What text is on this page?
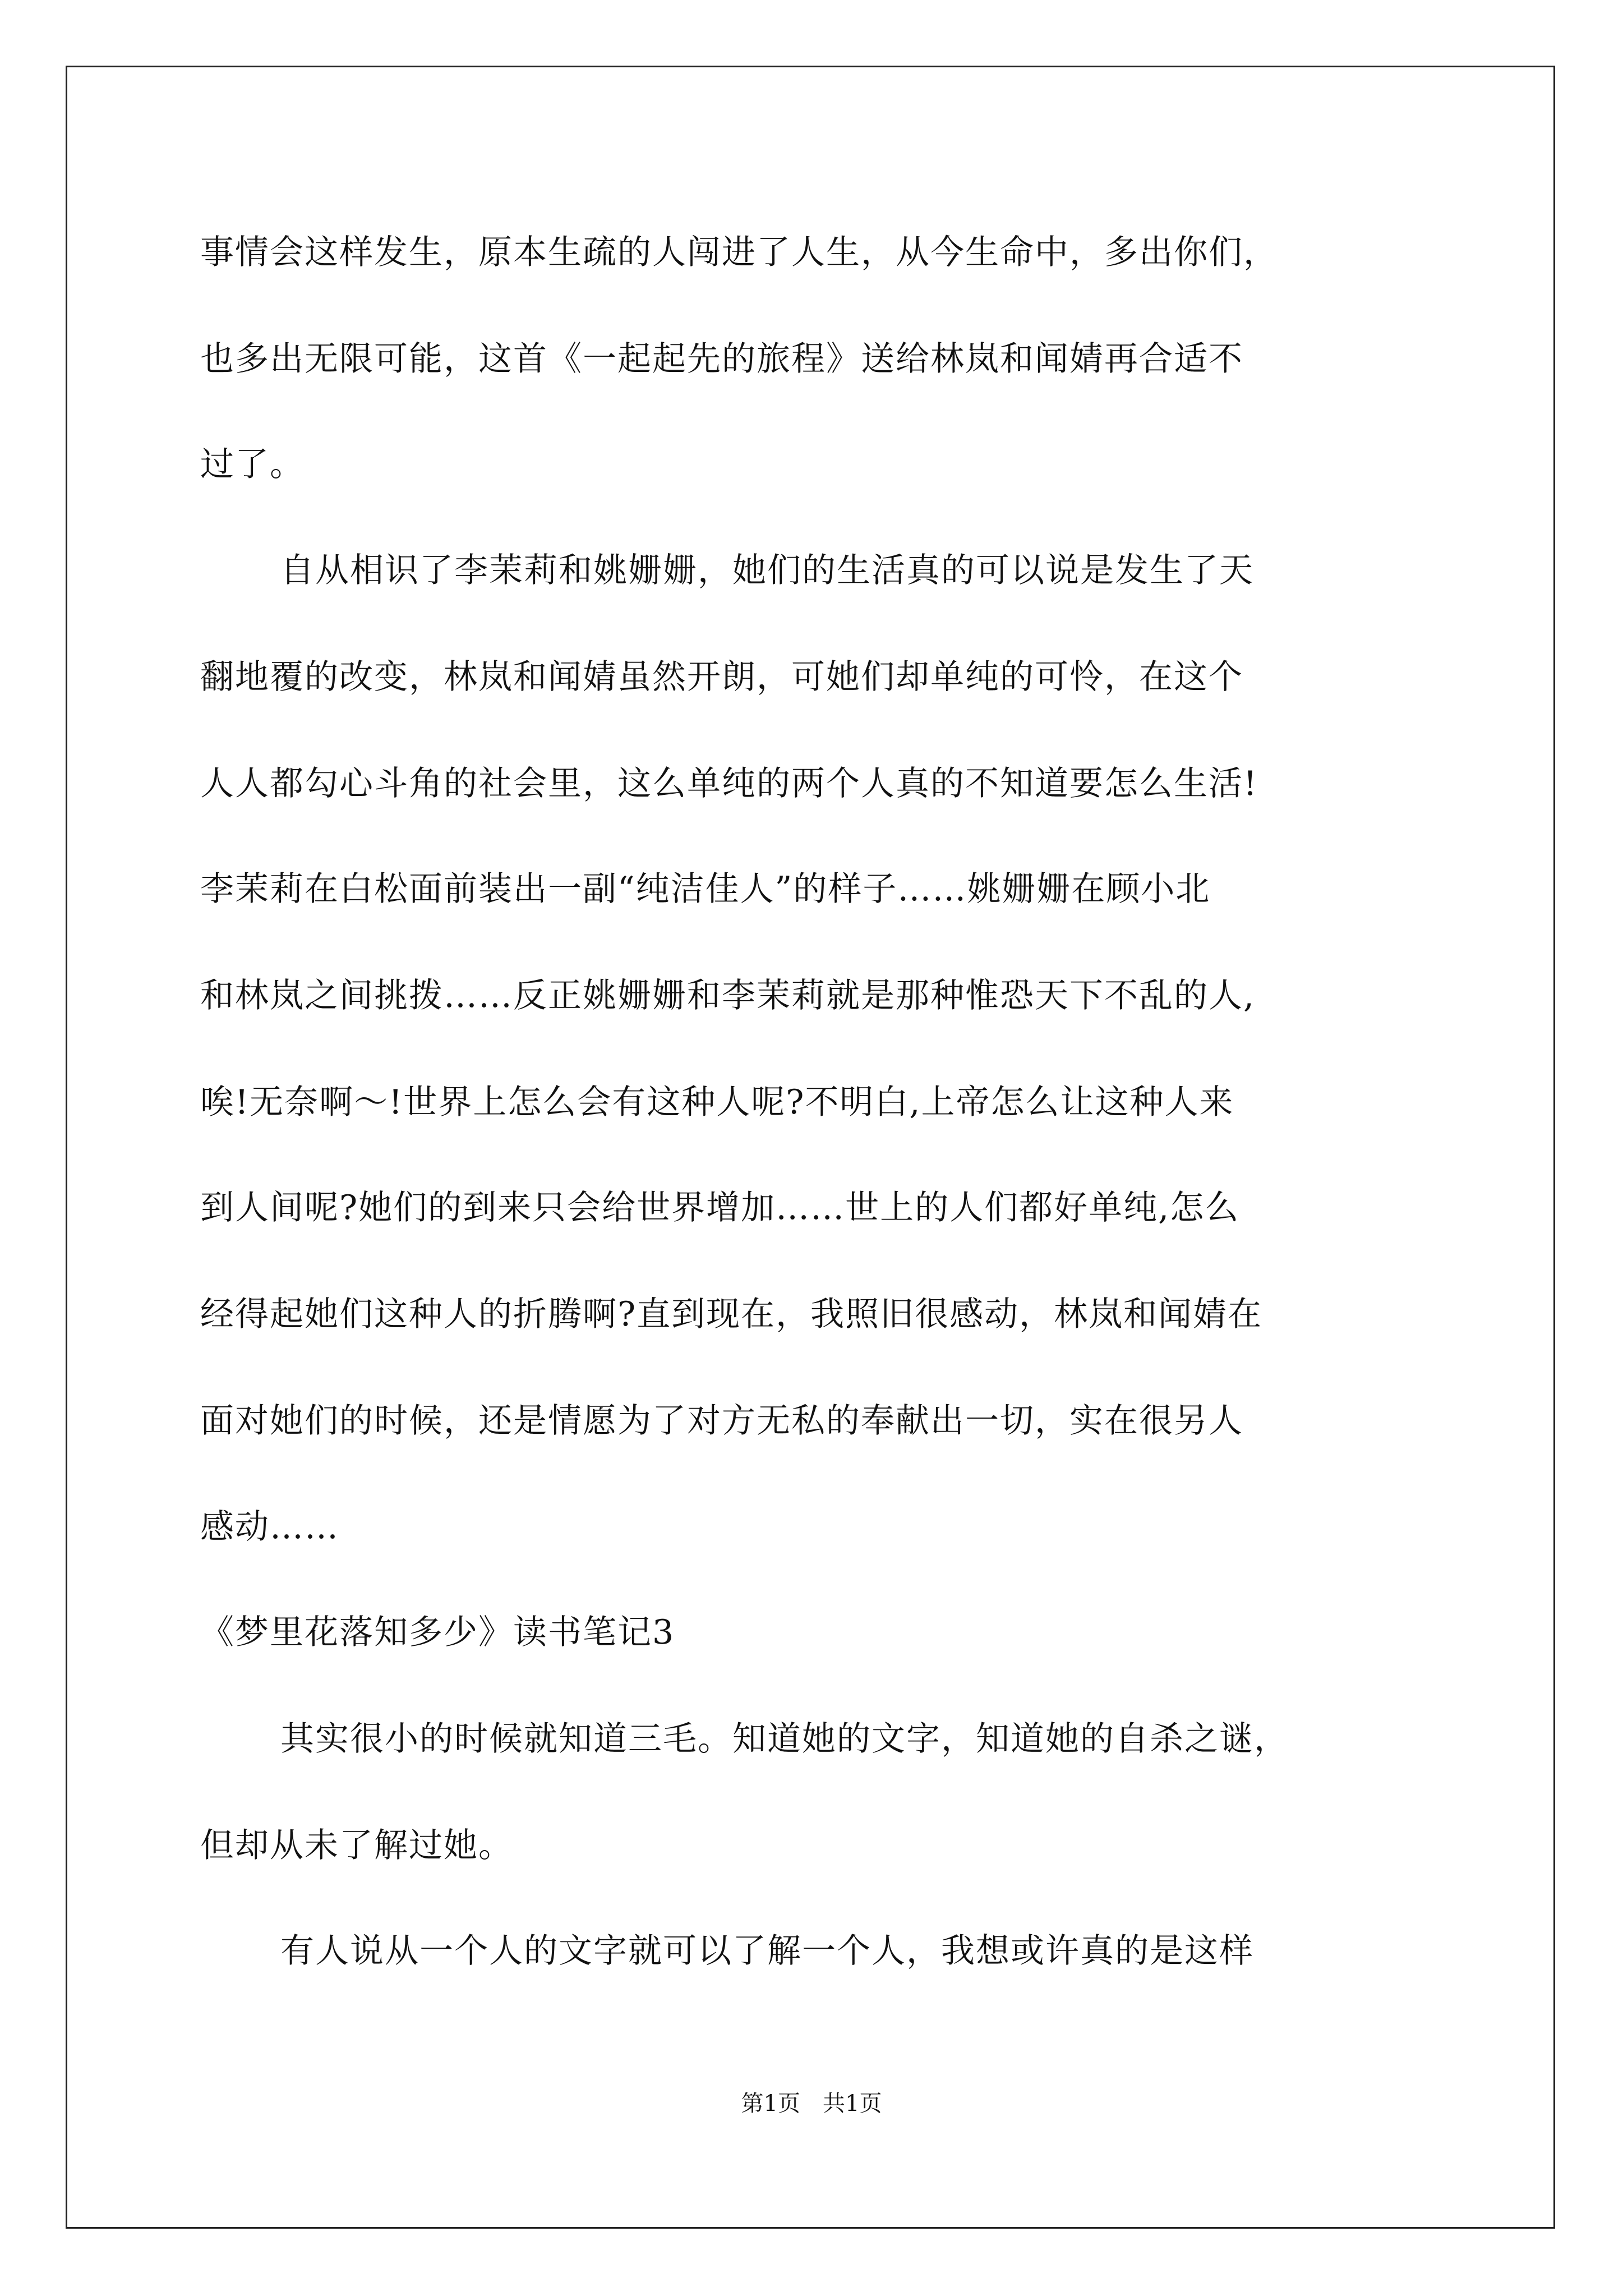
事情会这样发生，原本生疏的人闯进了人生，从今生命中，多出你们，
也多出无限可能，这首《一起起先的旅程》送给林岚和闻婧再合适不
过了。
自从相识了李茉莉和姚姗姗，她们的生活真的可以说是发生了天
翻地覆的改变，林岚和闻婧虽然开朗，可她们却单纯的可怜，在这个
人人都勾心斗角的社会里，这么单纯的两个人真的不知道要怎么生活!
李茉莉在白松面前装出一副“纯洁佳人”的样子……姚姗姗在顾小北
和林岚之间挑拨……反正姚姗姗和李茉莉就是那种惟恐天下不乱的人,
唉!无奈啊～!世界上怎么会有这种人呢?不明白,上帝怎么让这种人来
到人间呢?她们的到来只会给世界增加……世上的人们都好单纯,怎么
经得起她们这种人的折腾啊?直到现在，我照旧很感动，林岚和闻婧在
面对她们的时候，还是情愿为了对方无私的奉献出一切，实在很另人
感动……
《梦里花落知多少》读书笔记3
其实很小的时候就知道三毛。知道她的文字，知道她的自杀之谜，
但却从未了解过她。
有人说从一个人的文字就可以了解一个人，我想或许真的是这样
第1页　共1页
